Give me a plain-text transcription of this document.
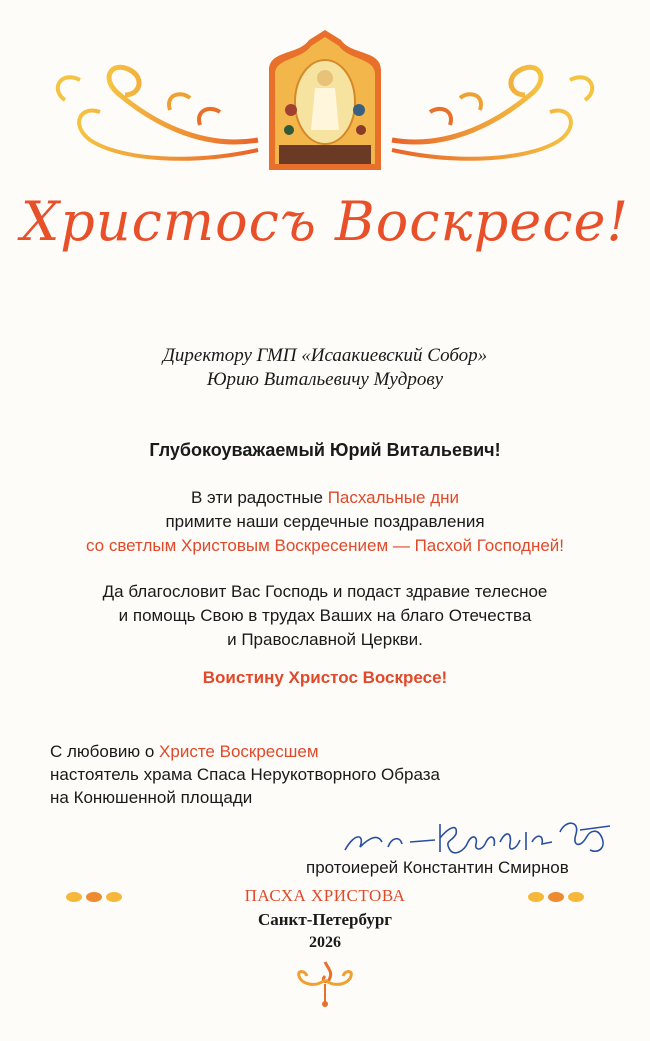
Христосъ Воскресе!
Директору ГМП «Исаакиевский Собор»
Юрию Витальевичу Мудрову
Глубокоуважаемый Юрий Витальевич!
В эти радостные Пасхальные дни
примите наши сердечные поздравления
со светлым Христовым Воскресением — Пасхой Господней!
Да благословит Вас Господь и подаст здравие телесное
и помощь Свою в трудах Ваших на благо Отечества
и Православной Церкви.
Воистину Христос Воскресе!
С любовию о Христе Воскресшем
настоятель храма Спаса Нерукотворного Образа
на Конюшенной площади
протоиерей Константин Смирнов
ПАСХА ХРИСТОВА
Санкт-Петербург
2026
